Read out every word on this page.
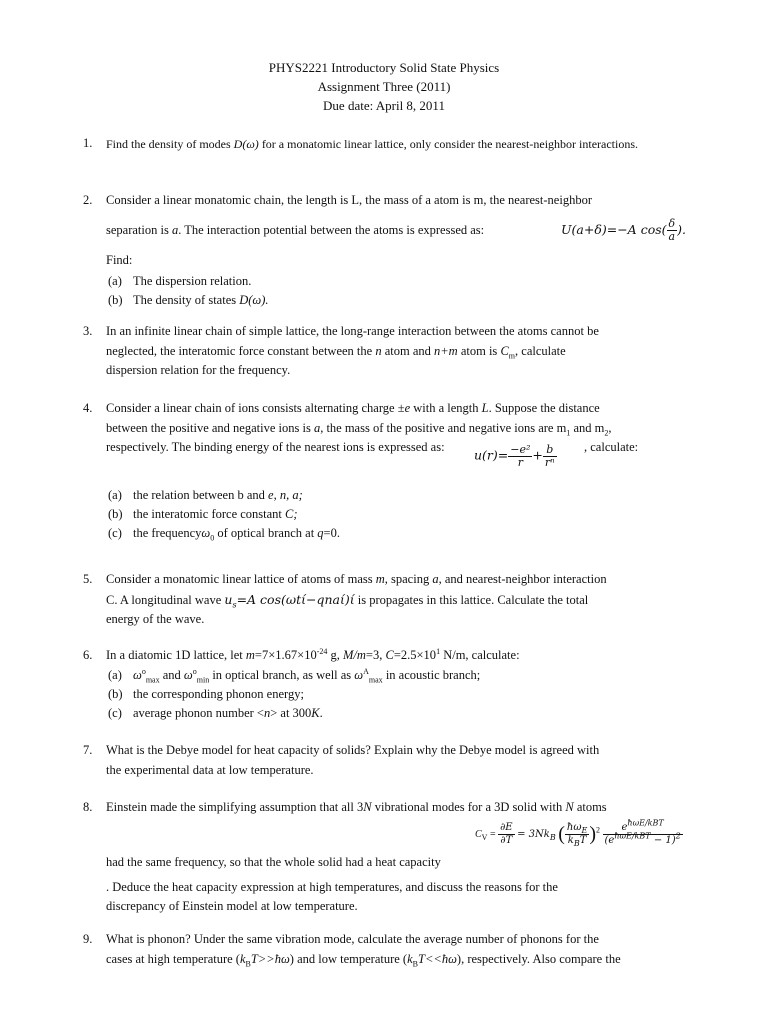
PHYS2221 Introductory Solid State Physics
Assignment Three (2011)
Due date: April 8, 2011
1.	Find the density of modes D(ω) for a monatomic linear lattice, only consider the nearest-neighbor interactions.
2.	Consider a linear monatomic chain, the length is L, the mass of a atom is m, the nearest-neighbor
separation is a. The interaction potential between the atoms is expressed as:	U(a+δ)=−A $\cos( \frac{\delta}{a}$ ).
Find:
(a) The dispersion relation.
(b) The density of states D(ω).
3.	In an infinite linear chain of simple lattice, the long-range interaction between the atoms cannot be
neglected, the interatomic force constant between the n atom and n+m atom is $C_m$, calculate
dispersion relation for the frequency.
4.	Consider a linear chain of ions consists alternating charge ±e with a length L. Suppose the distance
between the positive and negative ions is a, the mass of the positive and negative ions are $m_1$ and $m_2$,
respectively. The binding energy of the nearest ions is expressed as:
$u(r)= \frac{\text{−e²}}{r} + \frac{b}{\text{rⁿ}}$ , calculate:
(a) the relation between b and e, n, a;
(b) the interatomic force constant C;
(c) the frequencyω$_0$ of optical branch at q=0.
5.	Consider a monatomic linear lattice of atoms of mass m, spacing a, and nearest-neighbor interaction
C. A longitudinal wave $u_s=A$ cos(ωtί−qnaί)ί is propagates in this lattice. Calculate the total
energy of the wave.
6.	In a diatomic 1D lattice, let $m=7\times 1.67\times 10^{-24}$ g, M/m=3, $C=2.5\times 10^1$ N/m, calculate:
(a) $\omega^o_{max}$ and $\omega^o_{min}$ in optical branch, as well as $\omega^A_{max}$ in acoustic branch;
(b) the corresponding phonon energy;
(c) average phonon number <n> at 300K.
7.	What is the Debye model for heat capacity of solids? Explain why the Debye model is agreed with
the experimental data at low temperature.
8.	Einstein made the simplifying assumption that all 3N vibrational modes for a 3D solid with N atoms
had the same frequency, so that the whole solid had a heat capacity
$C_V = \frac{\partial E}{\partial T} = 3Nk_B$ ( $\frac{ħ\omega_E}{k_BT} )^2 \frac{e^{ħ\omega E/kBT}}{(e^{ħ\omega E/kBT} - 1)^2}$
. Deduce the heat capacity expression at high temperatures, and discuss the reasons for the
discrepancy of Einstein model at low temperature.
9.	What is phonon? Under the same vibration mode, calculate the average number of phonons for the
cases at high temperature $(k_BT>>ħ\omega)$ and low temperature $(k_BT<<ħ\omega)$, respectively. Also compare the
